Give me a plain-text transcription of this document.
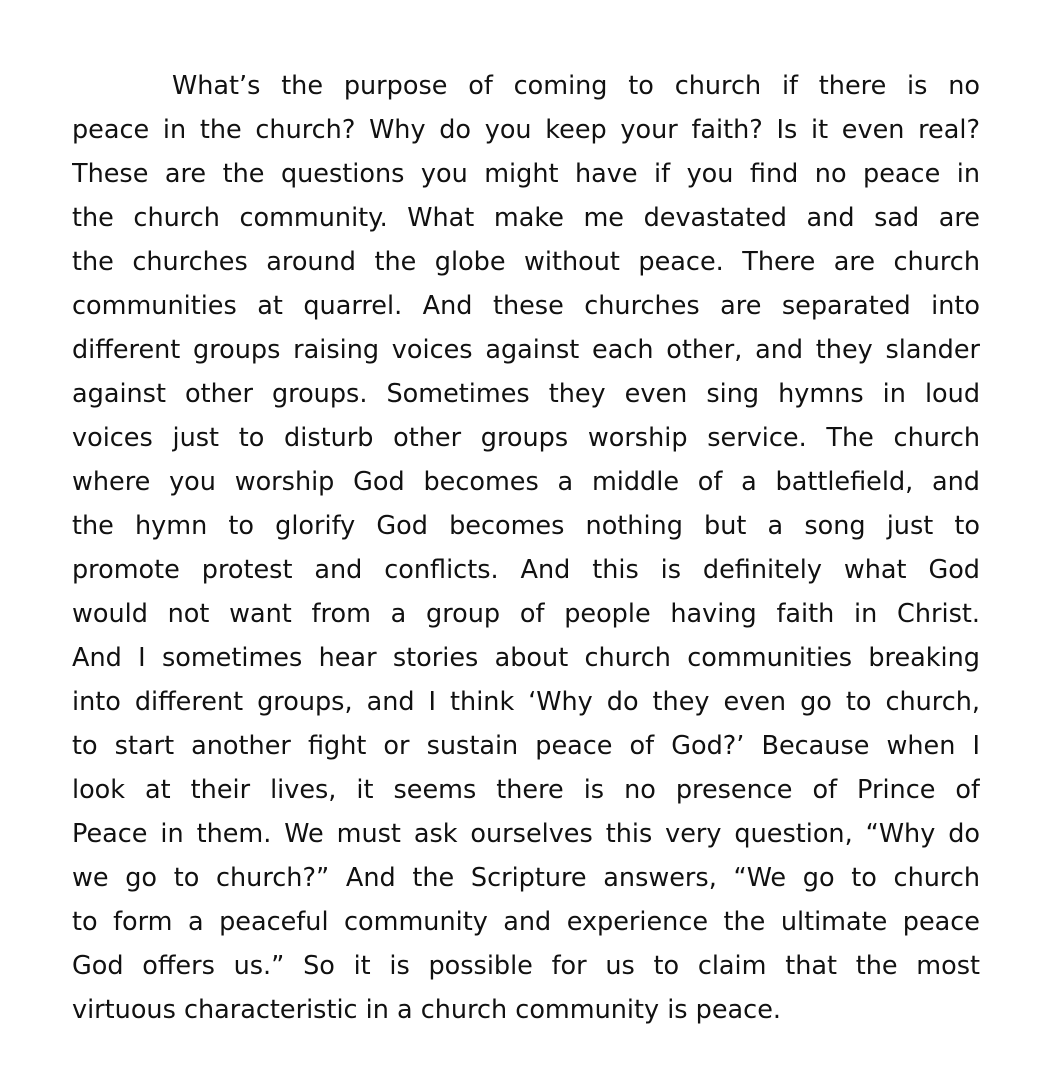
What’s the purpose of coming to church if there is no
peace in the church? Why do you keep your faith? Is it even real?
These are the questions you might have if you find no peace in
the church community. What make me devastated and sad are
the churches around the globe without peace. There are church
communities at quarrel. And these churches are separated into
different groups raising voices against each other, and they slander
against other groups. Sometimes they even sing hymns in loud
voices just to disturb other groups worship service. The church
where you worship God becomes a middle of a battlefield, and
the hymn to glorify God becomes nothing but a song just to
promote protest and conflicts. And this is definitely what God
would not want from a group of people having faith in Christ.
And I sometimes hear stories about church communities breaking
into different groups, and I think ‘Why do they even go to church,
to start another fight or sustain peace of God?’ Because when I
look at their lives, it seems there is no presence of Prince of
Peace in them. We must ask ourselves this very question, “Why do
we go to church?” And the Scripture answers, “We go to church
to form a peaceful community and experience the ultimate peace
God offers us.” So it is possible for us to claim that the most
virtuous characteristic in a church community is peace.
